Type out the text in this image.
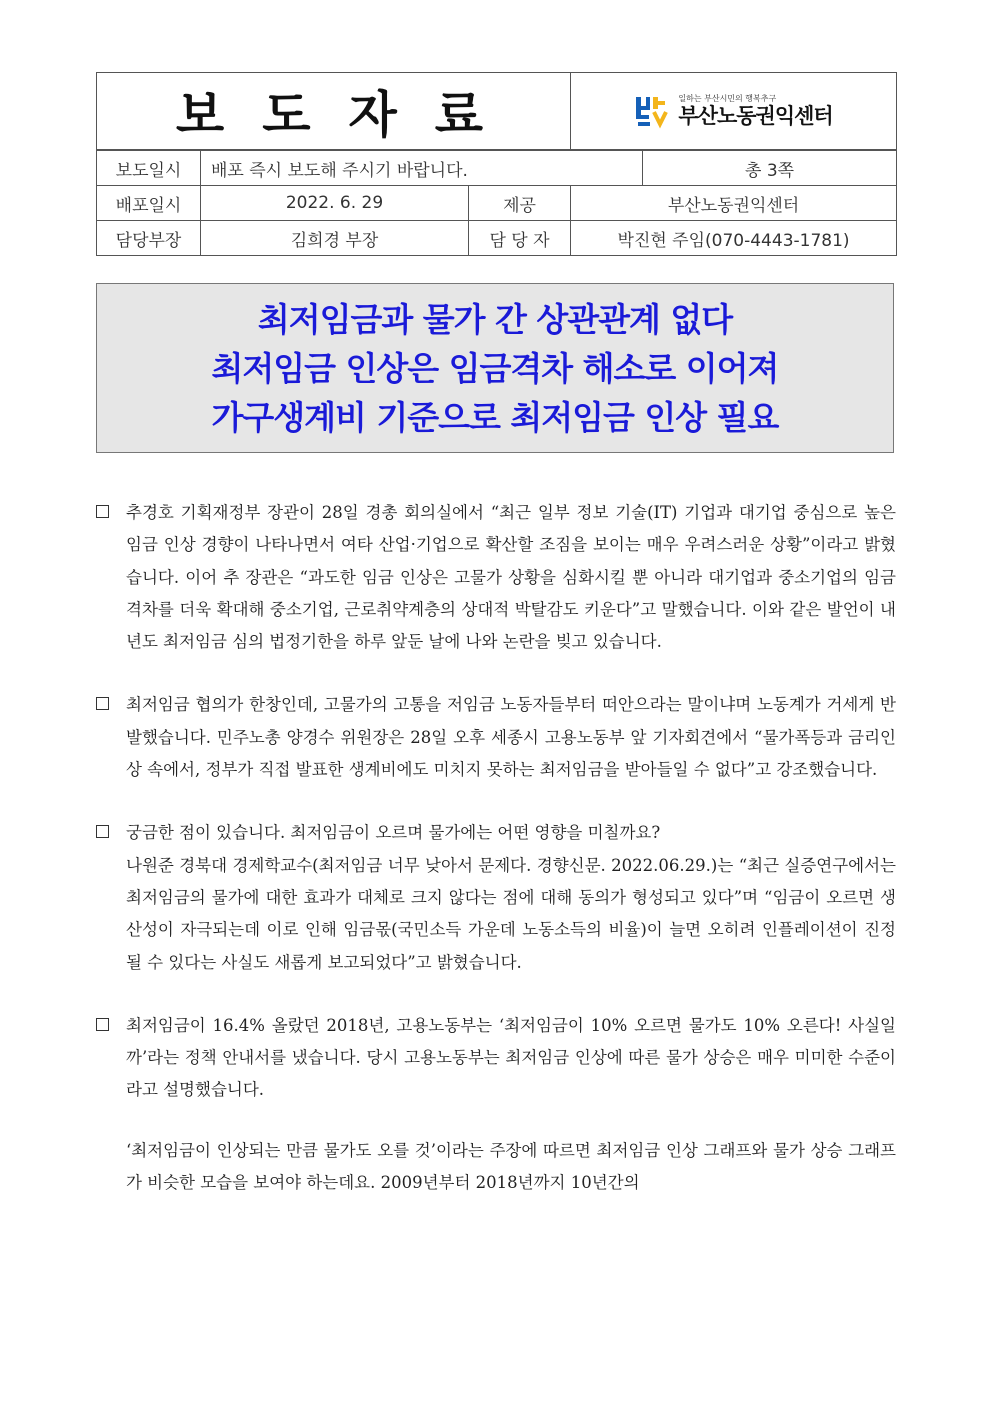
보도자료			일하는 부산시민의 행복추구
부산노동권익센터	

보도일시	배포 즉시 보도해 주시기 바랍니다.			총 3쪽
배포일시	2022. 6. 29	제공	부산노동권익센터	
담당부장	김희경 부장	담 당 자	박진현 주임(070-4443-1781)	
최저임금과 물가 간 상관관계 없다
최저임금 인상은 임금격차 해소로 이어져
가구생계비 기준으로 최저임금 인상 필요

추경호 기획재정부 장관이 28일 경총 회의실에서 “최근 일부 정보 기술(IT) 기업과 대기업 중심으로 높은 임금 인상 경향이 나타나면서 여타 산업·기업으로 확산할 조짐을 보이는 매우 우려스러운 상황”이라고 밝혔습니다. 이어 추 장관은 “과도한 임금 인상은 고물가 상황을 심화시킬 뿐 아니라 대기업과 중소기업의 임금격차를 더욱 확대해 중소기업, 근로취약계층의 상대적 박탈감도 키운다”고 말했습니다. 이와 같은 발언이 내년도 최저임금 심의 법정기한을 하루 앞둔 날에 나와 논란을 빚고 있습니다.

최저임금 협의가 한창인데, 고물가의 고통을 저임금 노동자들부터 떠안으라는 말이냐며 노동계가 거세게 반발했습니다. 민주노총 양경수 위원장은 28일 오후 세종시 고용노동부 앞 기자회견에서 “물가폭등과 금리인상 속에서, 정부가 직접 발표한 생계비에도 미치지 못하는 최저임금을 받아들일 수 없다”고 강조했습니다.

궁금한 점이 있습니다. 최저임금이 오르며 물가에는 어떤 영향을 미칠까요?

나원준 경북대 경제학교수(최저임금 너무 낮아서 문제다. 경향신문. 2022.06.29.)는 “최근 실증연구에서는 최저임금의 물가에 대한 효과가 대체로 크지 않다는 점에 대해 동의가 형성되고 있다”며 “임금이 오르면 생산성이 자극되는데 이로 인해 임금몫(국민소득 가운데 노동소득의 비율)이 늘면 오히려 인플레이션이 진정될 수 있다는 사실도 새롭게 보고되었다”고 밝혔습니다.

최저임금이 16.4% 올랐던 2018년, 고용노동부는 ‘최저임금이 10% 오르면 물가도 10% 오른다! 사실일까’라는 정책 안내서를 냈습니다. 당시 고용노동부는 최저임금 인상에 따른 물가 상승은 매우 미미한 수준이라고 설명했습니다.

‘최저임금이 인상되는 만큼 물가도 오를 것’이라는 주장에 따르면 최저임금 인상 그래프와 물가 상승 그래프가 비슷한 모습을 보여야 하는데요. 2009년부터 2018년까지 10년간의
